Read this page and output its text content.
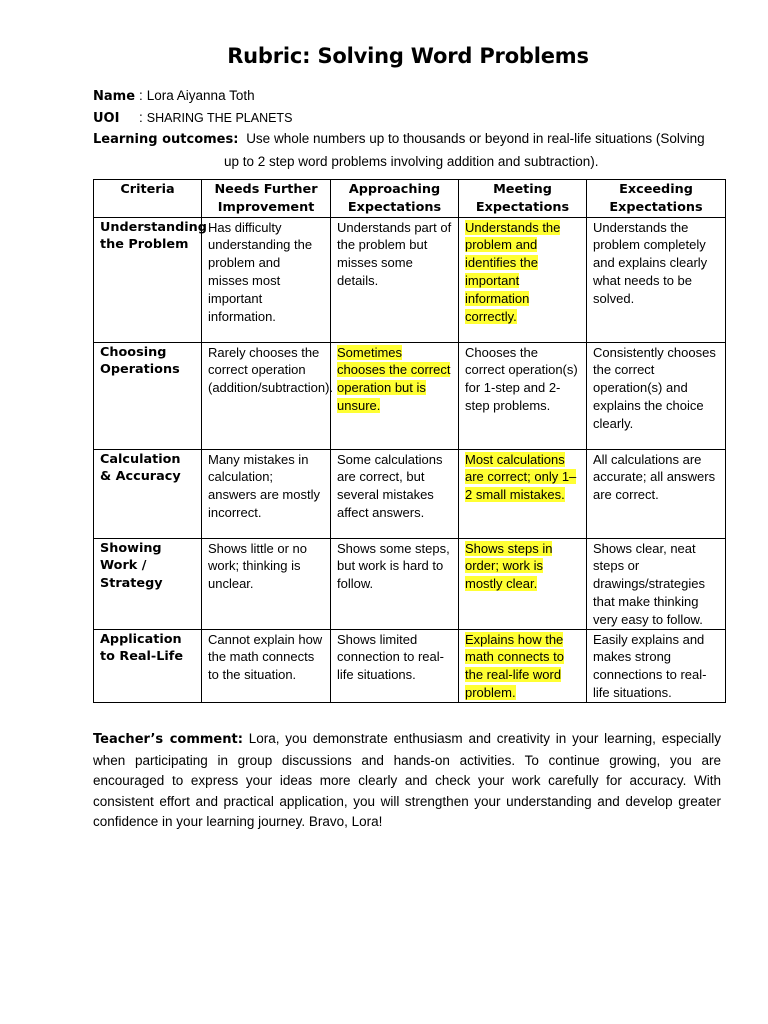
Rubric: Solving Word Problems
Name : Lora Aiyanna Toth
UOI	: SHARING THE PLANETS
Learning outcomes: Use whole numbers up to thousands or beyond in real-life situations (Solving
up to 2 step word problems involving addition and subtraction).
Criteria	Needs Further Improvement	Approaching Expectations	Meeting Expectations	Exceeding Expectations
Understanding the Problem	Has difficulty understanding the problem and misses most important information.	Understands part of the problem but misses some details.	Understands the problem and identifies the important information correctly.	Understands the problem completely and explains clearly what needs to be solved.
Choosing Operations	Rarely chooses the correct operation (addition/subtraction).	Sometimes chooses the correct operation but is unsure.	Chooses the correct operation(s) for 1-step and 2-step problems.	Consistently chooses the correct operation(s) and explains the choice clearly.
Calculation & Accuracy	Many mistakes in calculation; answers are mostly incorrect.	Some calculations are correct, but several mistakes affect answers.	Most calculations are correct; only 1–2 small mistakes.	All calculations are accurate; all answers are correct.
Showing Work / Strategy	Shows little or no work; thinking is unclear.	Shows some steps, but work is hard to follow.	Shows steps in order; work is mostly clear.	Shows clear, neat steps or drawings/strategies that make thinking very easy to follow.
Application to Real-Life	Cannot explain how the math connects to the situation.	Shows limited connection to real-life situations.	Explains how the math connects to the real-life word problem.	Easily explains and makes strong connections to real-life situations.
Teacher’s comment: Lora, you demonstrate enthusiasm and creativity in your learning, especially when participating in group discussions and hands-on activities. To continue growing, you are encouraged to express your ideas more clearly and check your work carefully for accuracy. With consistent effort and practical application, you will strengthen your understanding and develop greater confidence in your learning journey. Bravo, Lora!
